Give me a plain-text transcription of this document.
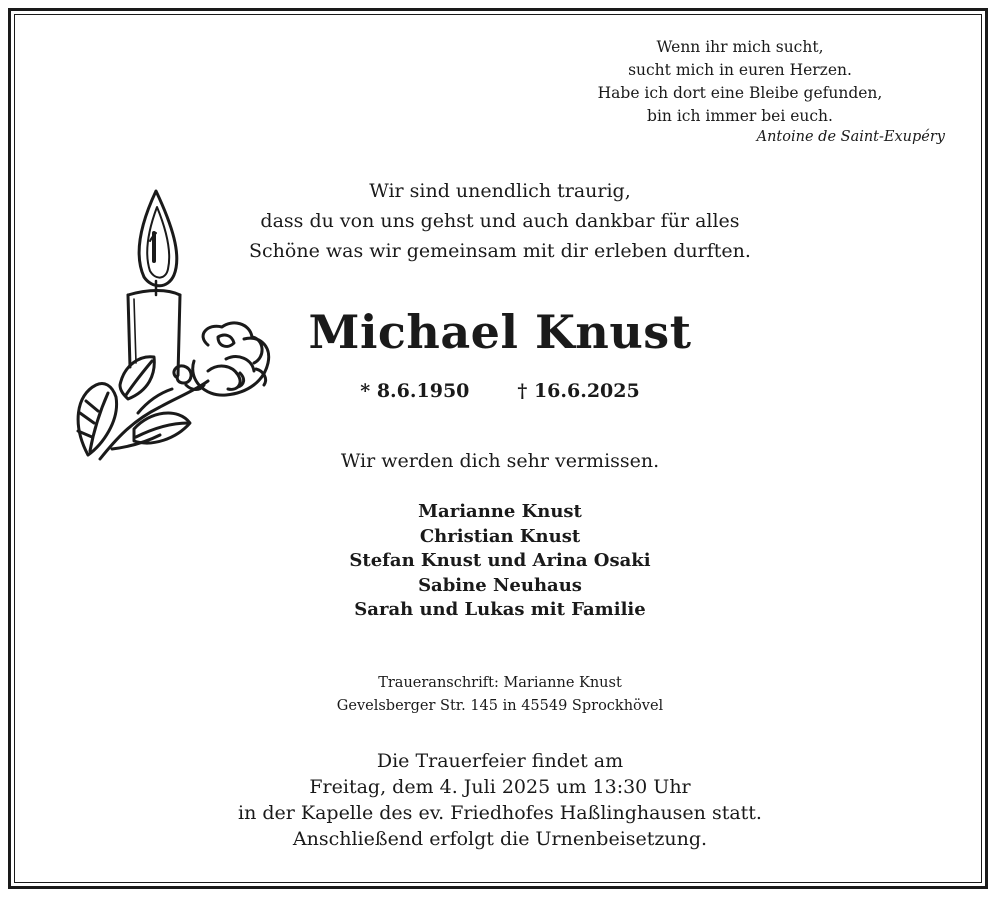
Wenn ihr mich sucht,
sucht mich in euren Herzen.
Habe ich dort eine Bleibe gefunden,
bin ich immer bei euch.
Antoine de Saint-Exupéry
Wir sind unendlich traurig,
dass du von uns gehst und auch dankbar für alles
Schöne was wir gemeinsam mit dir erleben durften.
Michael Knust
* 8.6.1950	† 16.6.2025
Wir werden dich sehr vermissen.
Marianne Knust
Christian Knust
Stefan Knust und Arina Osaki
Sabine Neuhaus
Sarah und Lukas mit Familie
Traueranschrift: Marianne Knust
Gevelsberger Str. 145 in 45549 Sprockhövel
Die Trauerfeier findet am
Freitag, dem 4. Juli 2025 um 13:30 Uhr
in der Kapelle des ev. Friedhofes Haßlinghausen statt.
Anschließend erfolgt die Urnenbeisetzung.
